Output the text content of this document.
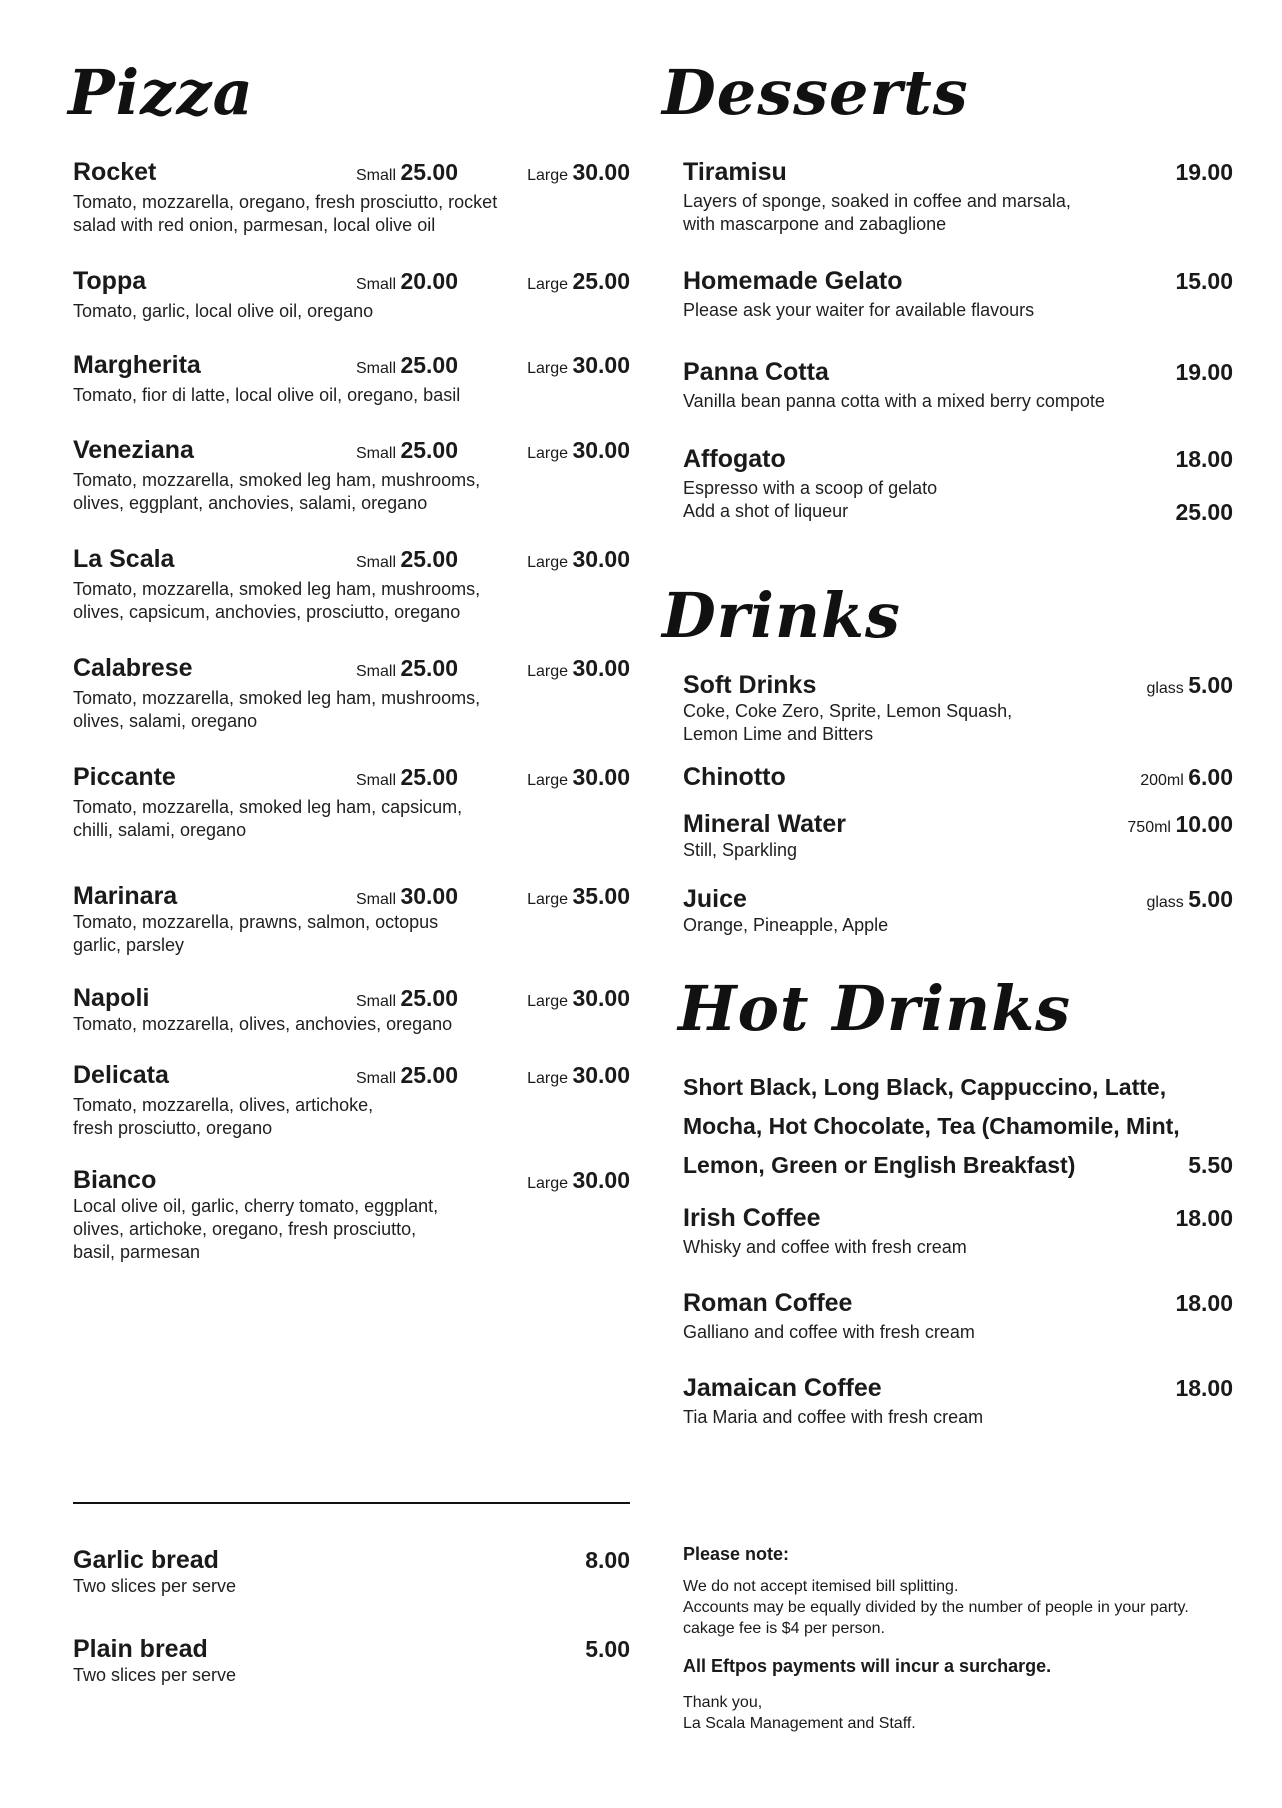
Pizza	Desserts
Drinks
Hot Drinks
Rocket	Small 25.00	Large 30.00
Tomato, mozzarella, oregano, fresh prosciutto, rocket
salad with red onion, parmesan, local olive oil
Toppa	Small 20.00	Large 25.00
Tomato, garlic, local olive oil, oregano
Margherita	Small 25.00	Large 30.00
Tomato, fior di latte, local olive oil, oregano, basil
Veneziana	Small 25.00	Large 30.00
Tomato, mozzarella, smoked leg ham, mushrooms,
olives, eggplant, anchovies, salami, oregano
La Scala	Small 25.00	Large 30.00
Tomato, mozzarella, smoked leg ham, mushrooms,
olives, capsicum, anchovies, prosciutto, oregano
Calabrese	Small 25.00	Large 30.00
Tomato, mozzarella, smoked leg ham, mushrooms,
olives, salami, oregano
Piccante	Small 25.00	Large 30.00
Tomato, mozzarella, smoked leg ham, capsicum,
chilli, salami, oregano
Marinara	Small 30.00	Large 35.00
Tomato, mozzarella, prawns, salmon, octopus
garlic, parsley
Napoli	Small 25.00	Large 30.00
Tomato, mozzarella, olives, anchovies, oregano
Delicata	Small 25.00	Large 30.00
Tomato, mozzarella, olives, artichoke,
fresh prosciutto, oregano
Bianco	Large 30.00
Local olive oil, garlic, cherry tomato, eggplant,
olives, artichoke, oregano, fresh prosciutto,
basil, parmesan
Garlic bread	8.00
Two slices per serve
Plain bread	5.00
Two slices per serve
Tiramisu	19.00
Layers of sponge, soaked in coffee and marsala,
with mascarpone and zabaglione
Homemade Gelato	15.00
Please ask your waiter for available flavours
Panna Cotta	19.00
Vanilla bean panna cotta with a mixed berry compote
Affogato	18.00
Espresso with a scoop of gelato
Add a shot of liqueur	25.00
Soft Drinks	glass 5.00
Coke, Coke Zero, Sprite, Lemon Squash,
Lemon Lime and Bitters
Chinotto	200ml 6.00
Mineral Water	750ml 10.00
Still, Sparkling
Juice	glass 5.00
Orange, Pineapple, Apple
Short Black, Long Black, Cappuccino, Latte,
Mocha, Hot Chocolate, Tea (Chamomile, Mint,
Lemon, Green or English Breakfast)	5.50
Irish Coffee	18.00
Whisky and coffee with fresh cream
Roman Coffee	18.00
Galliano and coffee with fresh cream
Jamaican Coffee	18.00
Tia Maria and coffee with fresh cream
Please note:
We do not accept itemised bill splitting.
Accounts may be equally divided by the number of people in your party.
cakage fee is $4 per person.
All Eftpos payments will incur a surcharge.
Thank you,
La Scala Management and Staff.
